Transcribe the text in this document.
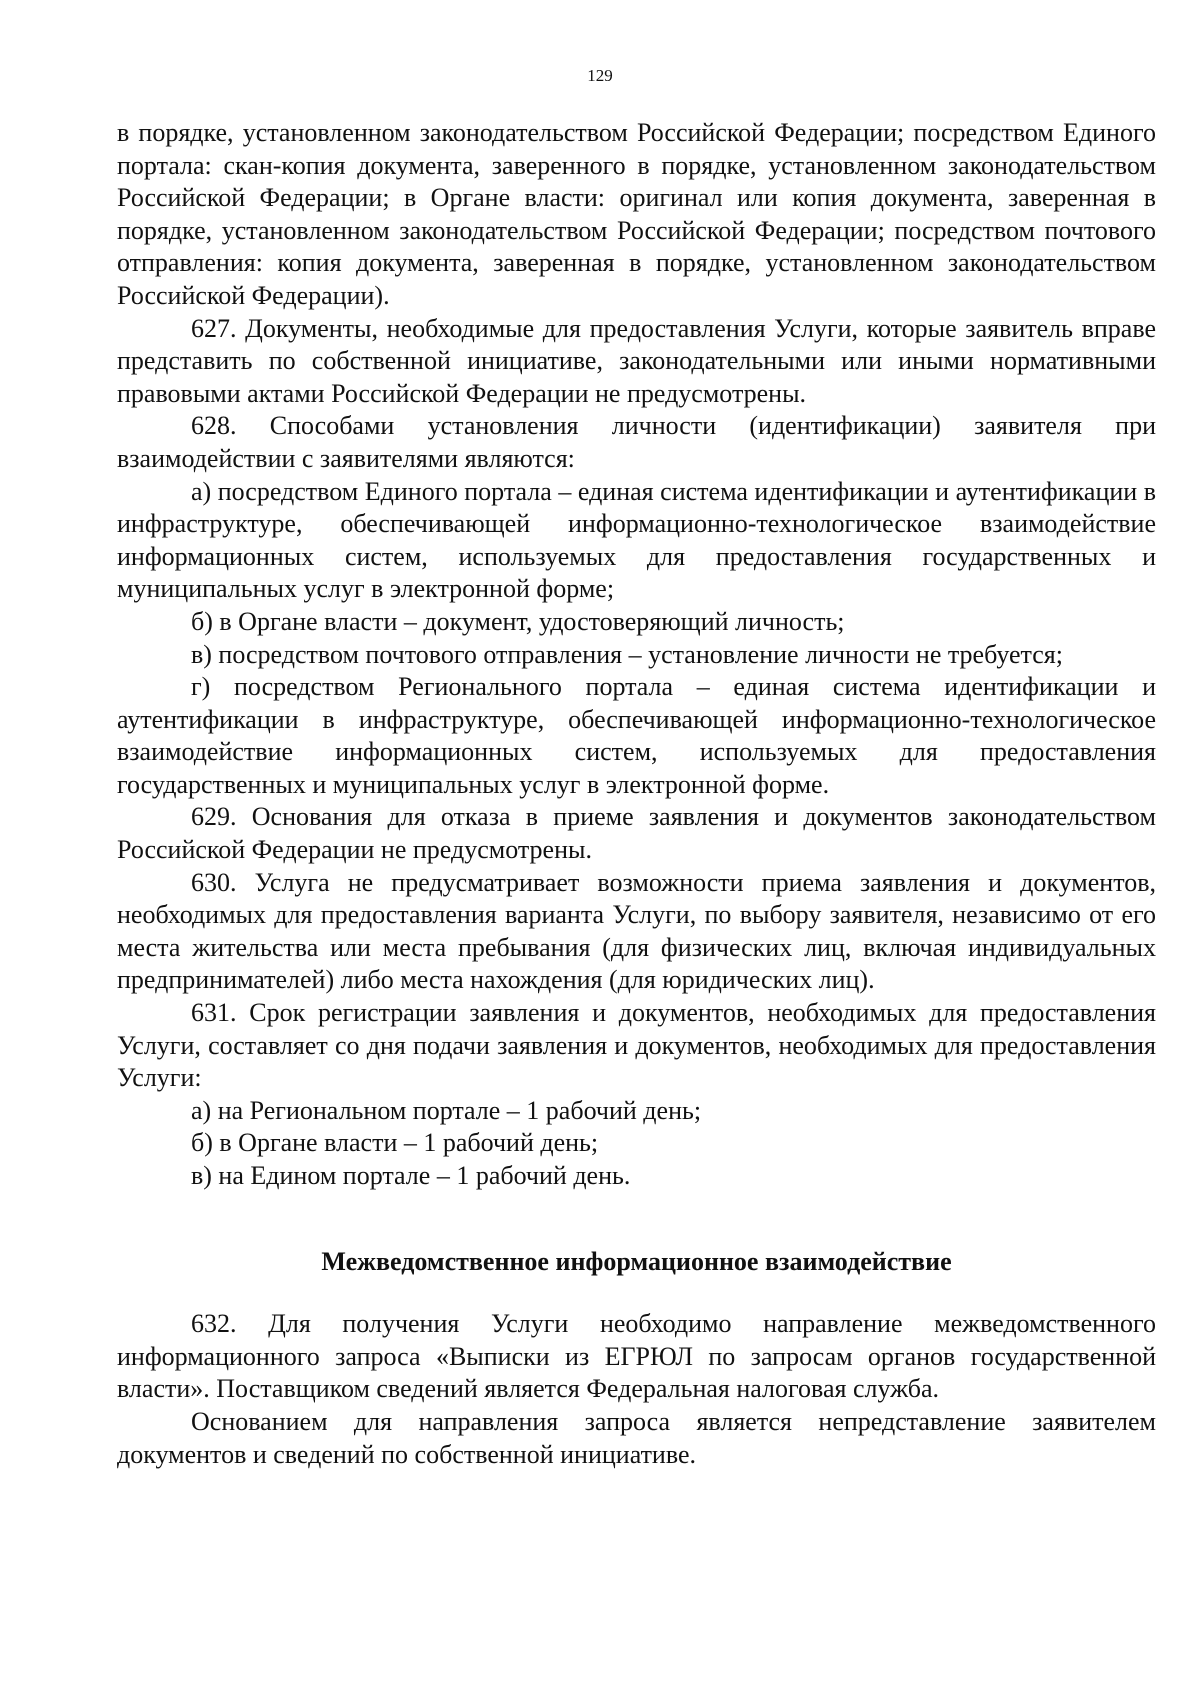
129

в порядке, установленном законодательством Российской Федерации; посредством Единого портала: скан-копия документа, заверенного в порядке, установленном законодательством Российской Федерации; в Органе власти: оригинал или копия документа, заверенная в порядке, установленном законодательством Российской Федерации; посредством почтового отправления: копия документа, заверенная в порядке, установленном законодательством Российской Федерации).

627. Документы, необходимые для предоставления Услуги, которые заявитель вправе представить по собственной инициативе, законодательными или иными нормативными правовыми актами Российской Федерации не предусмотрены.

628. Способами установления личности (идентификации) заявителя при взаимодействии с заявителями являются:

а) посредством Единого портала – единая система идентификации и аутентификации в инфраструктуре, обеспечивающей информационно-технологическое взаимодействие информационных систем, используемых для предоставления государственных и муниципальных услуг в электронной форме;

б) в Органе власти – документ, удостоверяющий личность;

в) посредством почтового отправления – установление личности не требуется;

г) посредством Регионального портала – единая система идентификации и аутентификации в инфраструктуре, обеспечивающей информационно-технологическое взаимодействие информационных систем, используемых для предоставления государственных и муниципальных услуг в электронной форме.

629. Основания для отказа в приеме заявления и документов законодательством Российской Федерации не предусмотрены.

630. Услуга не предусматривает возможности приема заявления и документов, необходимых для предоставления варианта Услуги, по выбору заявителя, независимо от его места жительства или места пребывания (для физических лиц, включая индивидуальных предпринимателей) либо места нахождения (для юридических лиц).

631. Срок регистрации заявления и документов, необходимых для предоставления Услуги, составляет со дня подачи заявления и документов, необходимых для предоставления Услуги:

а) на Региональном портале – 1 рабочий день;

б) в Органе власти – 1 рабочий день;

в) на Едином портале – 1 рабочий день.

Межведомственное информационное взаимодействие

632. Для получения Услуги необходимо направление межведомственного информационного запроса «Выписки из ЕГРЮЛ по запросам органов государственной власти». Поставщиком сведений является Федеральная налоговая служба.

Основанием для направления запроса является непредставление заявителем документов и сведений по собственной инициативе.
